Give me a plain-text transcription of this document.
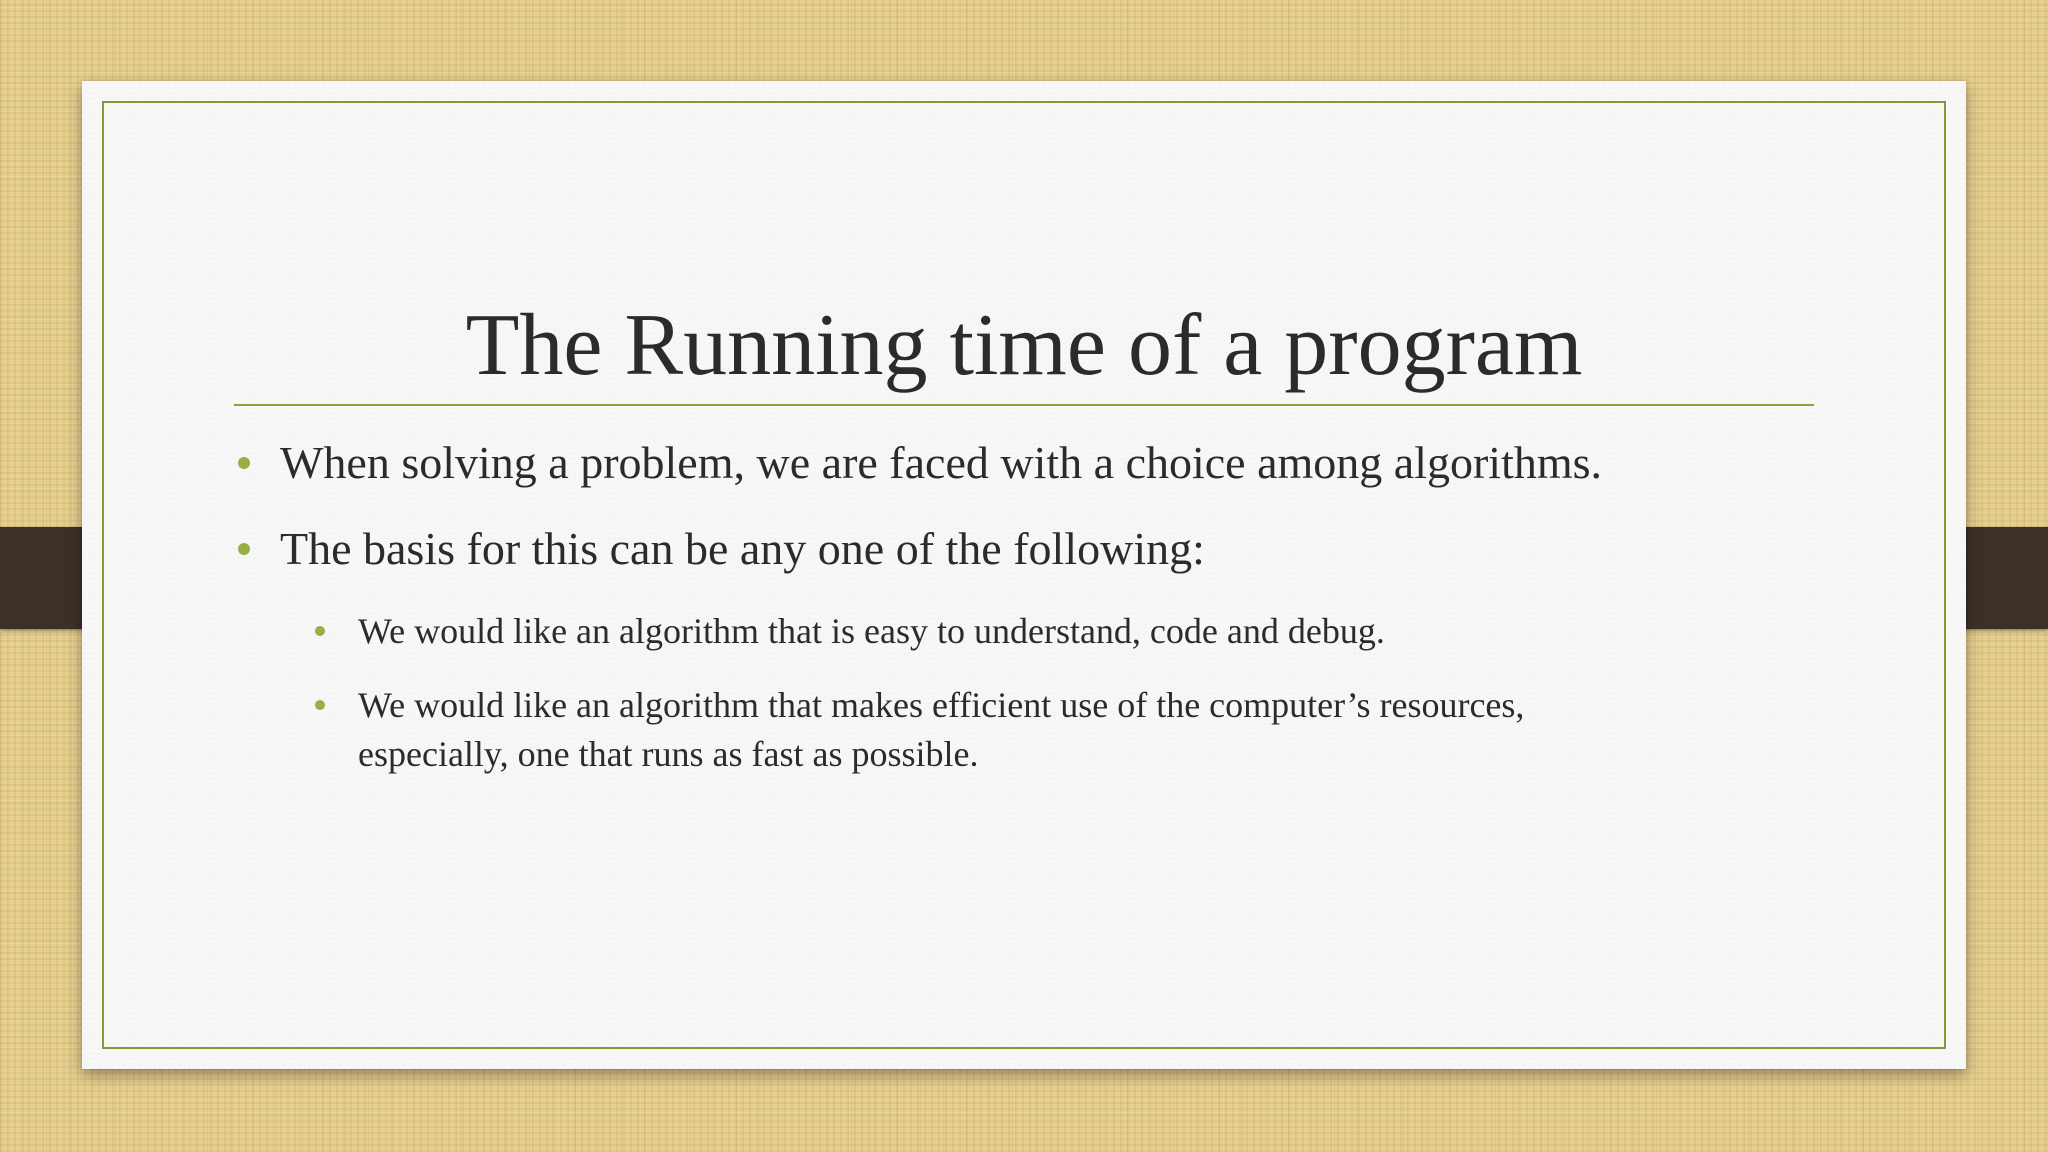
The Running time of a program
When solving a problem, we are faced with a choice among algorithms.
The basis for this can be any one of the following:
We would like an algorithm that is easy to understand, code and debug.
We would like an algorithm that makes efficient use of the computer’s resources,
especially, one that runs as fast as possible.
